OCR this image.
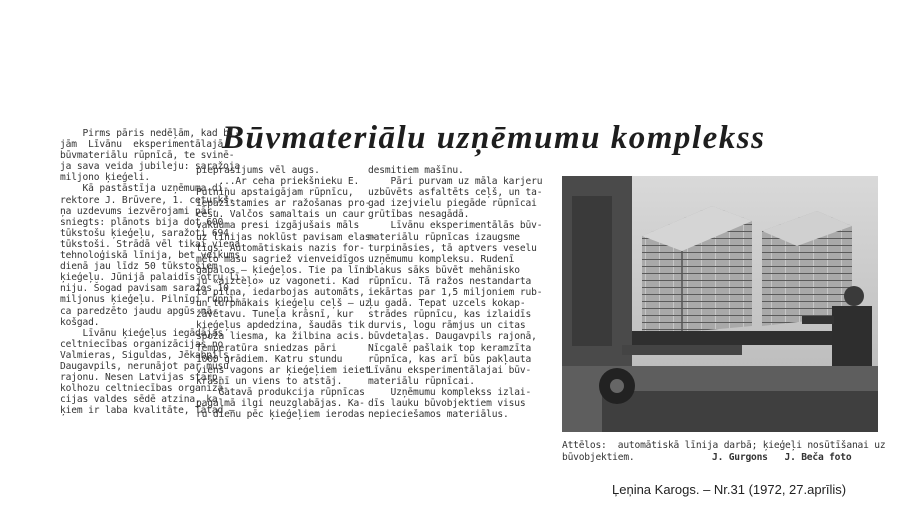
Būvmateriālu uzņēmumu komplekss
Pirms pāris nedēļām, kad bi-
jām  Līvānu  eksperimentālajā
būvmateriālu rūpnīcā, te svinē-
ja sava veida jubileju: saražoja
miljono ķieģeli.
Kā pastāstīja uzņēmuma di-
rektore J. Brūvere, 1. ceturkš-
ņa uzdevums iezvērojami pār-
sniegts: plānots bija dot 600
tūkstošu ķieģeļu, saražoti 694
tūkstoši. Strādā vēl tikai viena
tehnoloģiskā līnija, bet veikums
dienā jau līdz 50 tūkstošiem
ķieģeļu. Jūnijā palaidīs otru lī-
niju. Šogad pavisam saražos 10
miljonus ķieģeļu. Pilnīgi rūpnī-
ca paredzēto jaudu apgūs nā-
košgad.
Līvānu ķieģeļus iegādājas
celtniecības organizācijas no
Valmieras, Siguldas, Jēkabpils,
Daugavpils, nerunājot par mūsu
rajonu. Nesen Latvijas starp-
kolhozu celtniecības organizā-
cijas valdes sēdē atzina, ka
ķiem ir laba kvalitāte, Tātad —
pieprasījums vēl augs.
...Ar ceha priekšnieku E.
Putniņu apstaigājam rūpnīcu,
iepazīstamies ar ražošanas pro-
cesu. Valčos samaltais un caur
vakuuma presi izgājušais māls
uz līnijas noklūst pavisam elas-
tīgs. Automātiskais nazis for-
mēto masu sagriež vienveidīgos
gabalos — ķieģeļos. Tie pa līni-
ju «aizceļo» uz vagoneti. Kad
tā pilna, iedarbojas automāts,
un turpmākais ķieģeļu ceļš — uz
žāvētavu. Tuneļa krāsnī, kur
ķieģeļus apdedzina, šaudās tik
spoža liesma, ka žilbina acis.
Temperatūra sniedzas pāri
1000 grādiem. Katru stundu
viens vagons ar ķieģeļiem ieiet
krāsnī un viens to atstāj.
Gatavā produkcija rūpnīcas
pagalmā ilgi neuzglabājas. Ka-
ru dienu pēc ķieģeļiem ierodas
desmitiem mašīnu.
Pāri purvam uz māla karjeru
uzbūvēts asfaltēts ceļš, un ta-
gad izejvielu piegāde rūpnīcai
grūtības nesagādā.
Līvānu eksperimentālās būv-
materiālu rūpnīcas izaugsme
turpināsies, tā aptvers veselu
uzņēmumu kompleksu. Rudenī
blakus sāks būvēt mehānisko
rūpnīcu. Tā ražos nestandarta
iekārtas par 1,5 miljoniem rub-
ļu gadā. Tepat uzcels kokap-
strādes rūpnīcu, kas izlaidīs
durvis, logu rāmjus un citas
būvdetaļas. Daugavpils rajonā,
Nīcgalē pašlaik top keramzīta
rūpnīca, kas arī būs pakļauta
Līvānu eksperimentālajai būv-
materiālu rūpnīcai.
Uzņēmumu komplekss izlai-
dīs lauku būvobjektiem visus
nepieciešamos materiālus.
Attēlos:  automātiskā līnija darbā; ķieģeļi nosūtīšanai uz
būvobjektiem.	J. Gurgons   J. Beča foto
Ļeņina Karogs. – Nr.31 (1972, 27.aprīlis)
